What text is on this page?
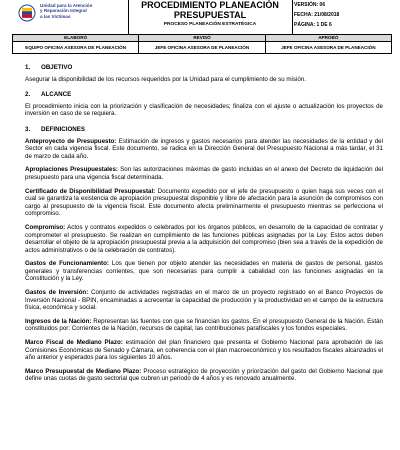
Unidad para la Atención
y Reparación Integral
a las Víctimas
PROCEDIMIENTO PLANEACIÓN
PRESUPUESTAL
PROCESO PLANEACIÓN ESTRATÉGICA
VERSIÓN: 06
FECHA: 21/08/2018
PÁGINA: 1 DE 6
ELABORÓ	REVISÓ	APROBÓ
EQUIPO OFICINA ASESORA DE PLANEACIÓN	JEFE OFICINA ASESORA DE PLANEACIÓN	JEFE OFICINA ASESORA DE PLANEACIÓN
1. OBJETIVO

Asegurar la disponibilidad de los recursos requeridos por la Unidad para el cumplimiento de su misión.

2. ALCANCE

El procedimiento inicia con la priorización y clasificación de necesidades; finaliza con el ajuste o actualización los proyectos de inversión en caso de se requiera.

3. DEFINICIONES

Anteproyecto de Presupuesto: Estimación de ingresos y gastos necesarios para atender las necesidades de la entidad y del Sector en cada vigencia fiscal. Este documento, se radica en la Dirección General del Presupuesto Nacional a más tardar, el 31 de marzo de cada año.

Apropiaciones Presupuestales: Son las autorizaciones máximas de gasto incluidas en el anexo del Decreto de liquidación del presupuesto para una vigencia fiscal determinada.

Certificado de Disponibilidad Presupuestal: Documento expedido por el jefe de presupuesto o quien haga sus veces con el cual se garantiza la existencia de apropiación presupuestal disponible y libre de afectación para la asunción de compromisos con cargo al presupuesto de la vigencia fiscal. Este documento afecta preliminarmente el presupuesto mientras se perfecciona el compromiso.

Compromiso: Actos y contratos expedidos o celebrados por los órganos públicos, en desarrollo de la capacidad de contratar y comprometer el presupuesto. Se realizan en cumplimiento de las funciones públicas asignadas por la Ley. Estos actos deben desarrollar el objeto de la apropiación presupuestal previa a la adquisición del compromiso (bien sea a través de la expedición de actos administrativos o de la celebración de contratos).

Gastos de Funcionamiento: Los que tienen por objeto atender las necesidades en materia de gastos de personal, gastos generales y transferencias corrientes, que son necesarias para cumplir a cabalidad con las funciones asignadas en la Constitución y la Ley.

Gastos de Inversión: Conjunto de actividades registradas en el marco de un proyecto registrado en el Banco Proyectos de Inversión Nacional - BPIN, encaminadas a acrecentar la capacidad de producción y la productividad en el campo de la estructura física, económica y social.

Ingresos de la Nación: Representan las fuentes con que se financian los gastos. En el presupuesto General de la Nación. Están constituidos por: Corrientes de la Nación, recursos de capital, las contribuciones parafiscales y los fondos especiales.

Marco Fiscal de Mediano Plazo: estimación del plan financiero que presenta el Gobierno Nacional para aprobación de las Comisiones Económicas de Senado y Cámara, en coherencia con el plan macroeconómico y los resultados fiscales alcanzados el año anterior y esperados para los siguientes 10 años.

Marco Presupuestal de Mediano Plazo: Proceso estratégico de proyección y priorización del gasto del Gobierno Nacional que define unas cuotas de gasto sectorial que cubren un periodo de 4 años y es renovado anualmente.
